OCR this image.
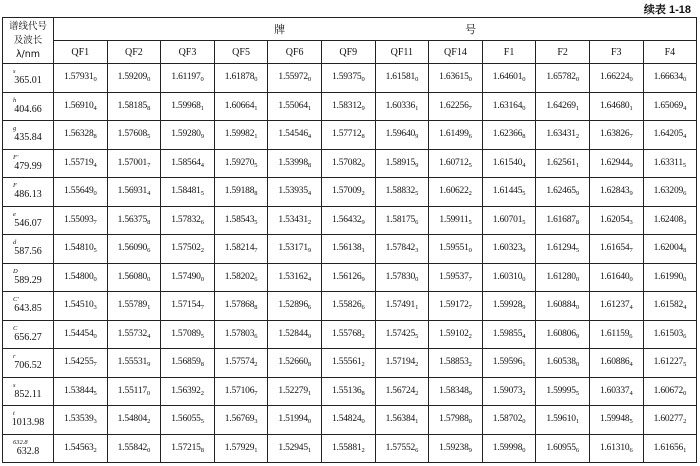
续表 1-18
谱线代号
及波长
λ/nm	牌 号											
	QF1	QF2	QF3	QF5	QF6	QF9	QF11	QF14	F1	F2	F3	F4

s
365.01	$1.57931_0$	$1.59209_0$	$1.61197_0$	$1.61878_0$	$1.55972_0$	$1.59375_0$	$1.61581_0$	$1.63615_0$	$1.64601_0$	$1.65782_0$	$1.66224_0$	$1.66634_0$

h
404.66	$1.56910_4$	$1.58185_8$	$1.59968_1$	$1.60664_1$	$1.55064_1$	$1.58312_9$	$1.60336_1$	$1.62256_7$	$1.63164_0$	$1.64269_1$	$1.64680_1$	$1.65069_4$

g
435.84	$1.56328_8$	$1.57608_5$	$1.59280_9$	$1.59982_1$	$1.54546_4$	$1.57712_8$	$1.59640_9$	$1.61499_6$	$1.62366_8$	$1.63431_2$	$1.63826_7$	$1.64205_4$

F'
479.99	$1.55719_4$	$1.57001_7$	$1.58564_4$	$1.59270_5$	$1.53998_8$	$1.57082_0$	$1.58915_9$	$1.60712_5$	$1.61540_4$	$1.62561_1$	$1.62944_9$	$1.63311_5$

F
486.13	$1.55649_0$	$1.56931_4$	$1.58481_5$	$1.59188_8$	$1.53935_4$	$1.57009_2$	$1.58832_5$	$1.60622_2$	$1.61445_5$	$1.62465_9$	$1.62843_9$	$1.63209_6$

e
546.07	$1.55093_7$	$1.56375_8$	$1.57832_6$	$1.58543_5$	$1.53431_2$	$1.56432_9$	$1.58175_6$	$1.59911_5$	$1.60701_5$	$1.61687_8$	$1.62054_3$	$1.62408_3$

d
587.56	$1.54810_5$	$1.56090_6$	$1.57502_2$	$1.58214_7$	$1.53171_9$	$1.56138_1$	$1.57842_3$	$1.59551_0$	$1.60323_9$	$1.61294_5$	$1.61654_7$	$1.62004_8$

D
589.29	$1.54800_0$	$1.56080_0$	$1.57490_0$	$1.58202_6$	$1.53162_4$	$1.56126_9$	$1.57830_0$	$1.59537_7$	$1.60310_0$	$1.61280_0$	$1.61640_0$	$1.61990_0$

C'
643.85	$1.54510_3$	$1.55789_1$	$1.57154_7$	$1.57868_8$	$1.52896_6$	$1.55826_6$	$1.57491_1$	$1.59172_7$	$1.59928_9$	$1.60884_0$	$1.61237_4$	$1.61582_4$

C
656.27	$1.54454_0$	$1.55732_4$	$1.57089_5$	$1.57803_6$	$1.52844_9$	$1.55768_2$	$1.57425_5$	$1.59102_2$	$1.59855_4$	$1.60806_9$	$1.61159_6$	$1.61503_6$

r
706.52	$1.54255_7$	$1.55531_9$	$1.56859_8$	$1.57574_2$	$1.52660_8$	$1.55561_2$	$1.57194_2$	$1.58853_2$	$1.59596_1$	$1.60538_0$	$1.60886_4$	$1.61227_5$

s
852.11	$1.53844_5$	$1.55117_0$	$1.56392_2$	$1.57106_7$	$1.52279_1$	$1.55136_8$	$1.56724_2$	$1.58348_9$	$1.59073_2$	$1.59995_5$	$1.60337_4$	$1.60672_0$

t
1013.98	$1.53539_3$	$1.54804_2$	$1.56055_5$	$1.56769_3$	$1.51994_0$	$1.54824_0$	$1.56384_1$	$1.57988_0$	$1.58702_0$	$1.59610_1$	$1.59948_5$	$1.60277_2$

632.8
632.8	$1.54563_2$	$1.55842_0$	$1.57215_8$	$1.57929_1$	$1.52945_1$	$1.55881_2$	$1.57552_6$	$1.59238_9$	$1.59998_0$	$1.60955_6$	$1.61310_6$	$1.61656_1$
